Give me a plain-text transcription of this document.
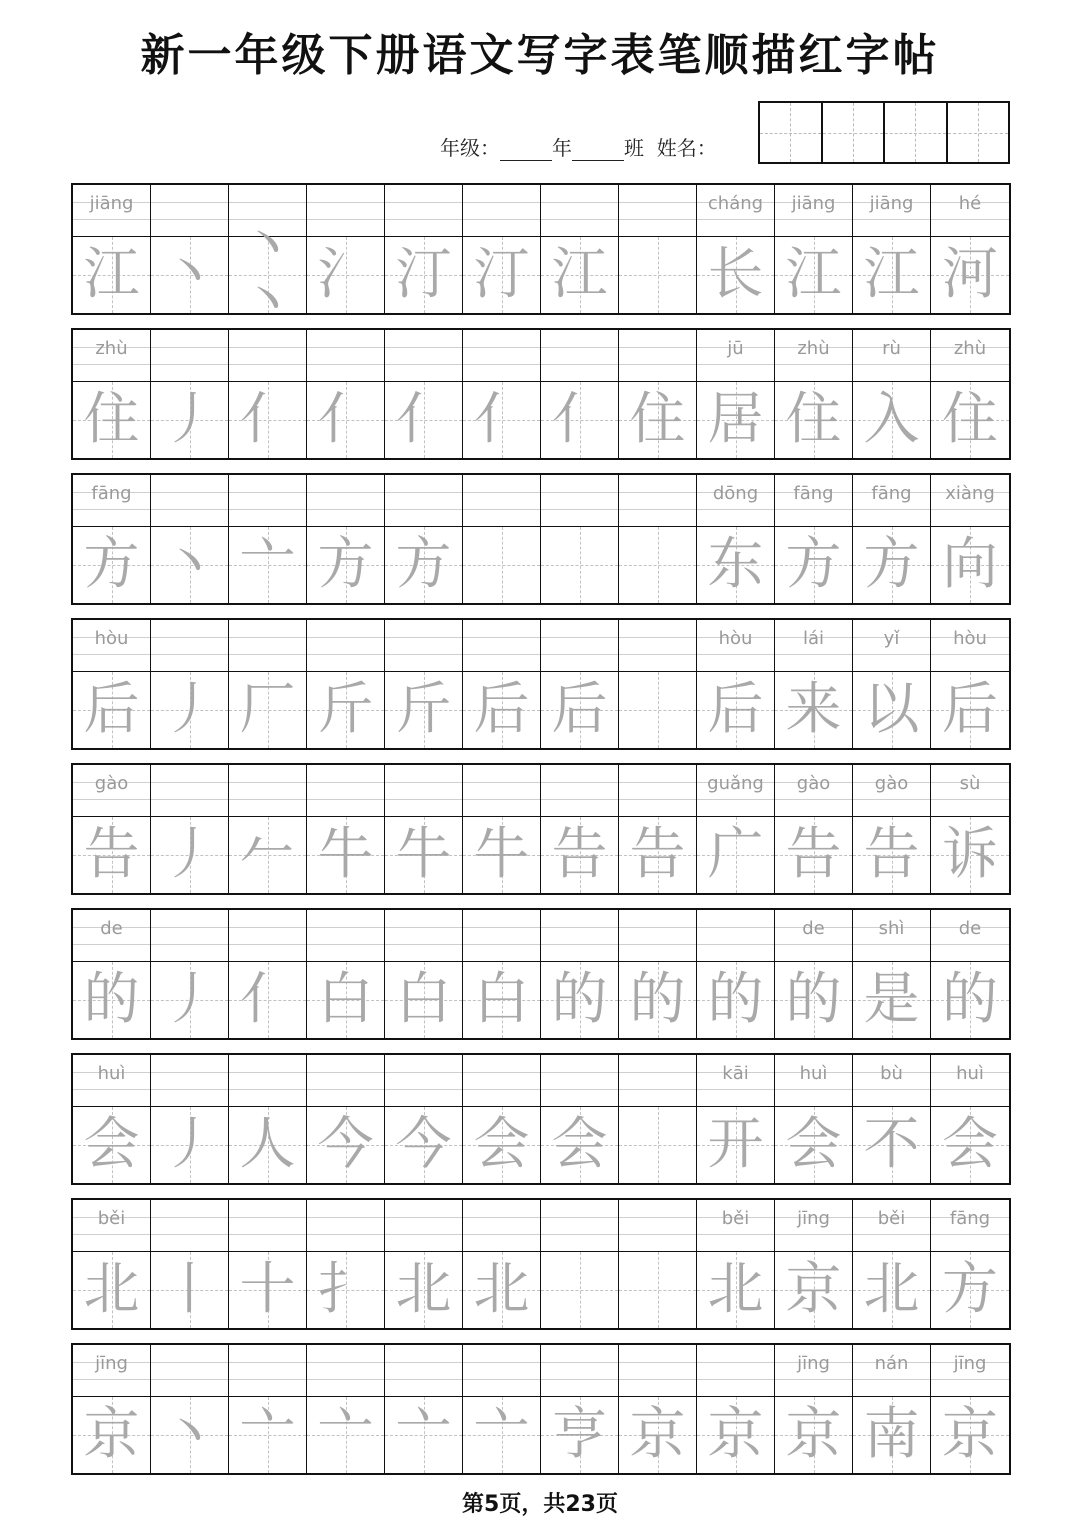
新一年级下册语文写字表笔顺描红字帖
年级：	年	班 姓名：
jiāng
江 丶 丶丶 氵 汀 汀 江
cháng
长
jiāng
江
jiāng
江
hé
河
zhù
住 丿 亻 亻 亻 亻 亻 住
jū
居
zhù
住
rù
入
zhù
住
fāng
方 丶 亠 方 方
dōng
东
fāng
方
fāng
方
xiàng
向
hòu
后 丿 厂 斤 斤 后 后
hòu
后
lái
来
yǐ
以
hòu
后
gào
告 丿 𠂉 牛 牛 牛 告 告
guǎng
广
gào
告
gào
告
sù
诉
de
的 丿 亻 白 白 白 的 的 的
de
的
shì
是
de
的
huì
会 丿 人 今 今 会 会
kāi
开
huì
会
bù
不
huì
会
běi
北 丨 十 扌 北 北
běi
北
jīng
京
běi
北
fāng
方
jīng
京 丶 亠 亠 亠 亠 亨 京 京
jīng
京
nán
南
jīng
京
第5页，共23页
